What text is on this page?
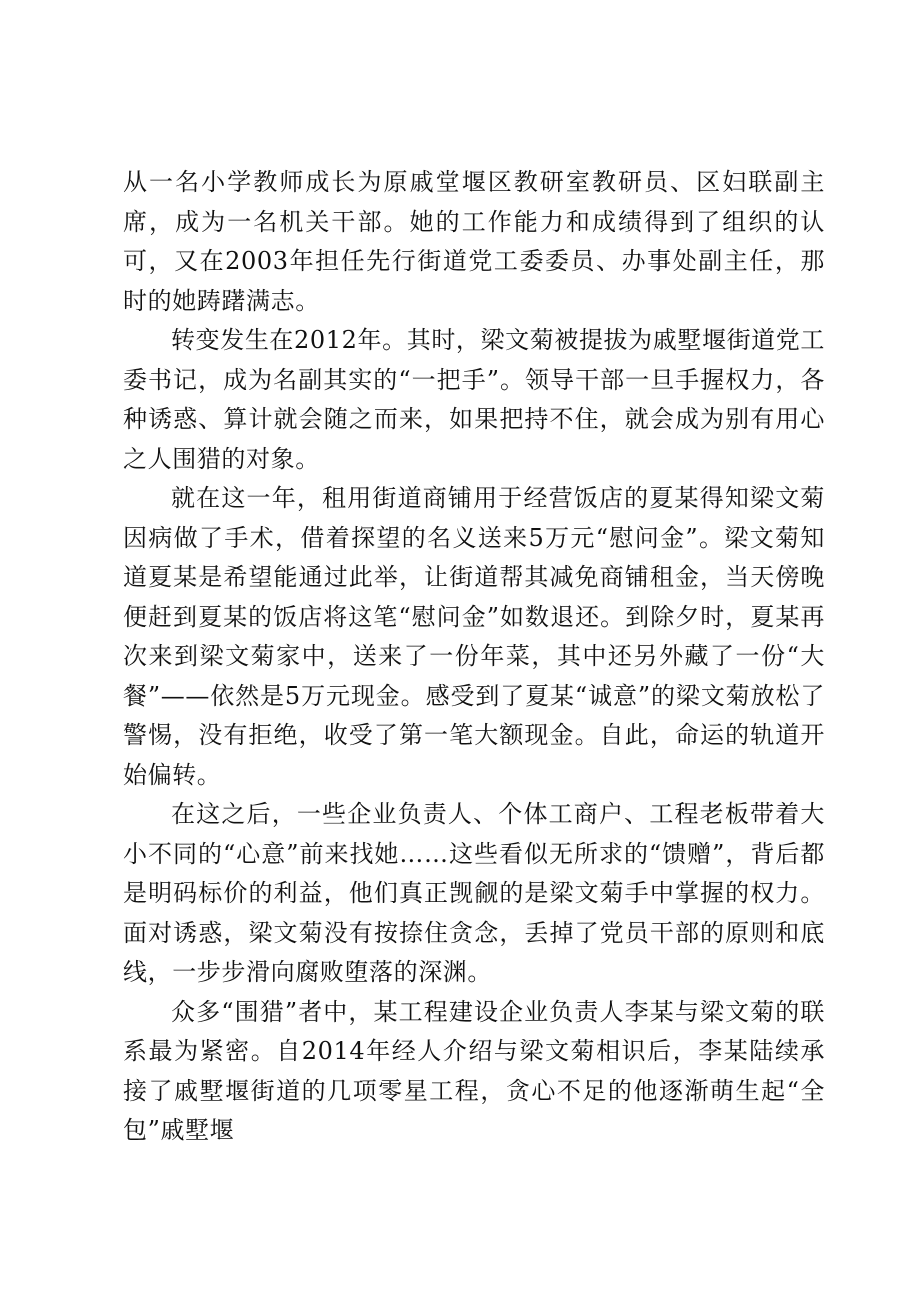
从一名小学教师成长为原戚堂堰区教研室教研员、区妇联副主席，成为一名机关干部。她的工作能力和成绩得到了组织的认可，又在2003年担任先行街道党工委委员、办事处副主任，那时的她踌躇满志。

转变发生在2012年。其时，梁文菊被提拔为戚墅堰街道党工委书记，成为名副其实的“一把手”。领导干部一旦手握权力，各种诱惑、算计就会随之而来，如果把持不住，就会成为别有用心之人围猎的对象。

就在这一年，租用街道商铺用于经营饭店的夏某得知梁文菊因病做了手术，借着探望的名义送来5万元“慰问金”。梁文菊知道夏某是希望能通过此举，让街道帮其减免商铺租金，当天傍晚便赶到夏某的饭店将这笔“慰问金”如数退还。到除夕时，夏某再次来到梁文菊家中，送来了一份年菜，其中还另外藏了一份“大餐”——依然是5万元现金。感受到了夏某“诚意”的梁文菊放松了警惕，没有拒绝，收受了第一笔大额现金。自此，命运的轨道开始偏转。

在这之后，一些企业负责人、个体工商户、工程老板带着大小不同的“心意”前来找她……这些看似无所求的“馈赠”，背后都是明码标价的利益，他们真正觊觎的是梁文菊手中掌握的权力。面对诱惑，梁文菊没有按捺住贪念，丢掉了党员干部的原则和底线，一步步滑向腐败堕落的深渊。

众多“围猎”者中，某工程建设企业负责人李某与梁文菊的联系最为紧密。自2014年经人介绍与梁文菊相识后，李某陆续承接了戚墅堰街道的几项零星工程，贪心不足的他逐渐萌生起“全包”戚墅堰
